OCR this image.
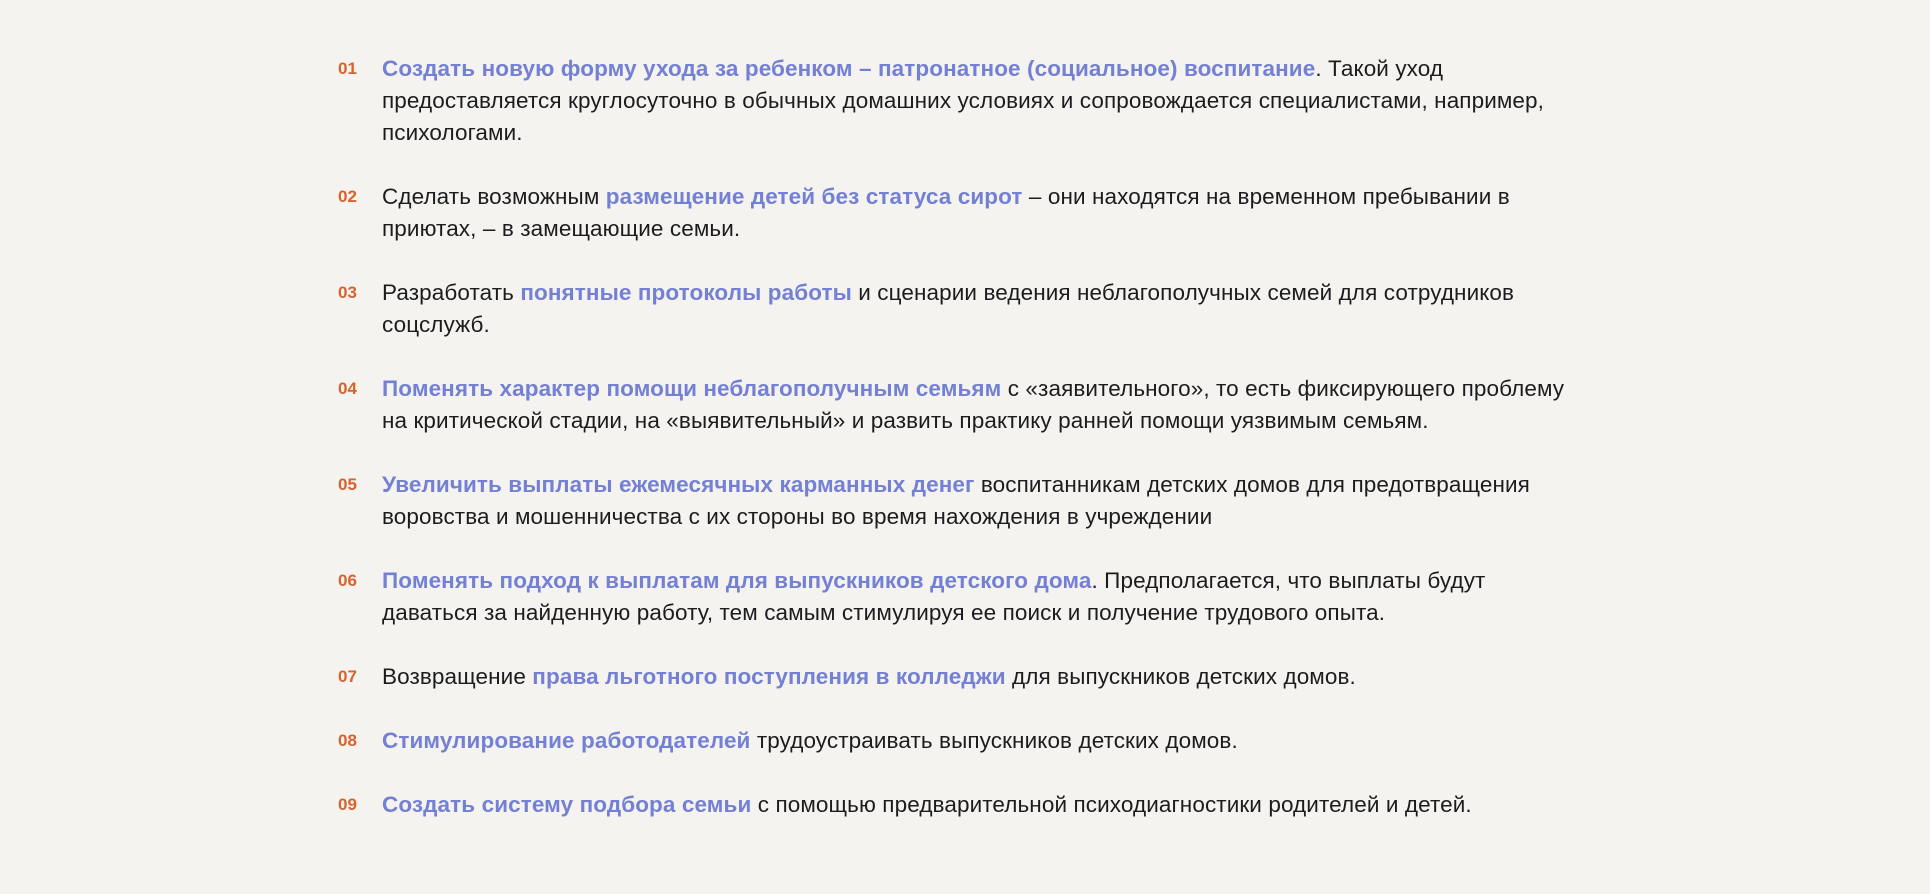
01	Создать новую форму ухода за ребенком – патронатное (социальное) воспитание. Такой уход предоставляется круглосуточно в обычных домашних условиях и сопровождается специалистами, например, психологами.
02	Сделать возможным размещение детей без статуса сирот – они находятся на временном пребывании в приютах, – в замещающие семьи.
03	Разработать понятные протоколы работы и сценарии ведения неблагополучных семей для сотрудников соцслужб.
04	Поменять характер помощи неблагополучным семьям с «заявительного», то есть фиксирующего проблему на критической стадии, на «выявительный» и развить практику ранней помощи уязвимым семьям.
05	Увеличить выплаты ежемесячных карманных денег воспитанникам детских домов для предотвращения воровства и мошенничества с их стороны во время нахождения в учреждении
06	Поменять подход к выплатам для выпускников детского дома. Предполагается, что выплаты будут даваться за найденную работу, тем самым стимулируя ее поиск и получение трудового опыта.
07	Возвращение права льготного поступления в колледжи для выпускников детских домов.
08	Стимулирование работодателей трудоустраивать выпускников детских домов.
09	Создать систему подбора семьи с помощью предварительной психодиагностики родителей и детей.
